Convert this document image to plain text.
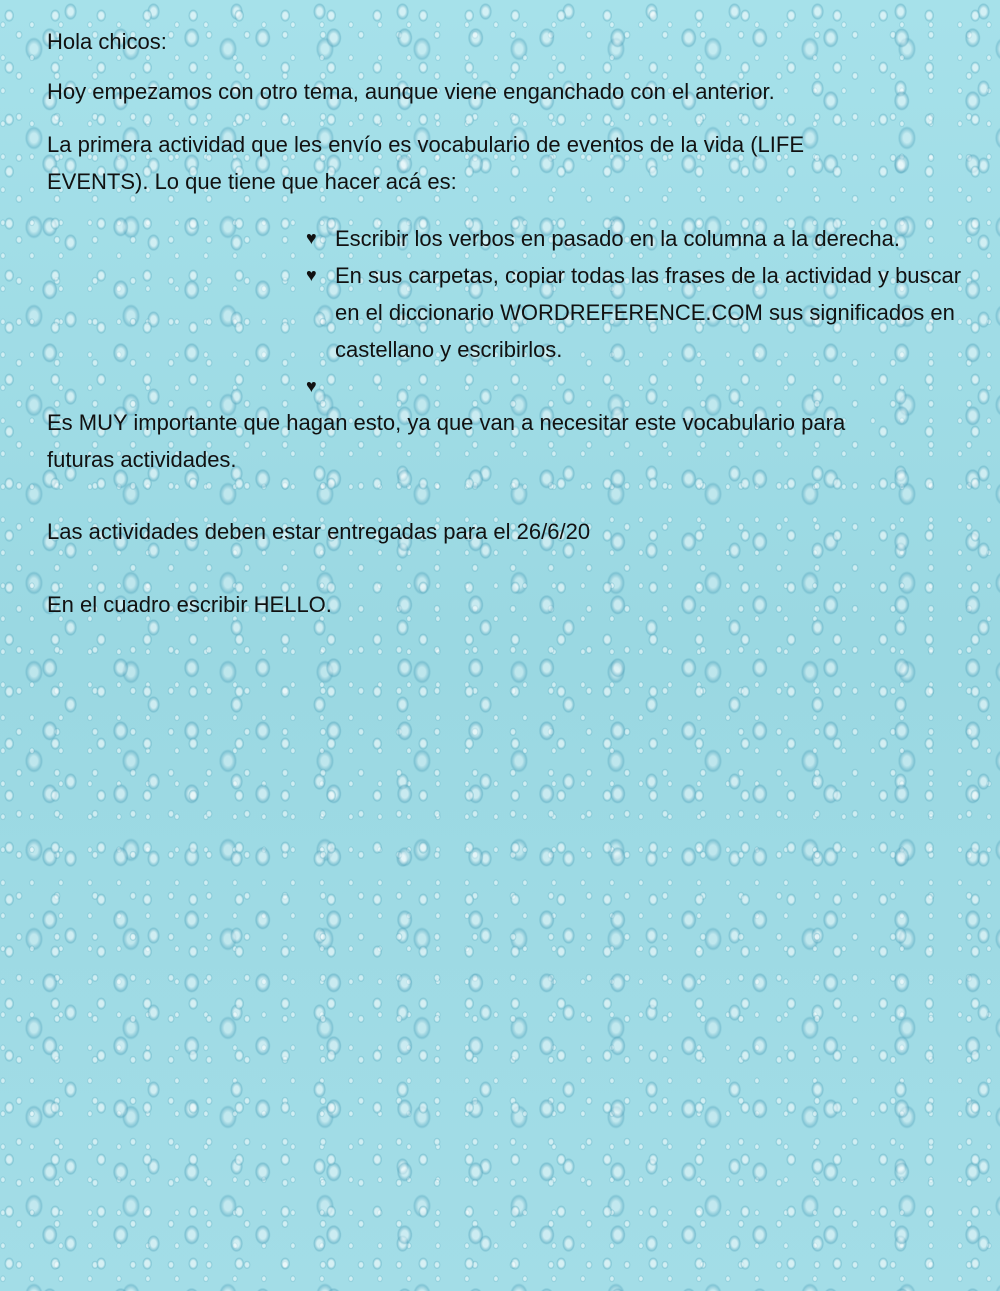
Hola chicos:

Hoy empezamos con otro tema, aunque viene enganchado con el anterior.

La primera actividad que les envío es vocabulario de eventos de la vida (LIFE
EVENTS). Lo que tiene que hacer acá es:
♥ Escribir los verbos en pasado en la columna a la derecha.
♥ En sus carpetas, copiar todas las frases de la actividad y buscar en el diccionario WORDREFERENCE.COM sus significados en castellano y escribirlos.
♥
Es MUY importante que hagan esto, ya que van a necesitar este vocabulario para
futuras actividades.

Las actividades deben estar entregadas para el 26/6/20

En el cuadro escribir HELLO.
